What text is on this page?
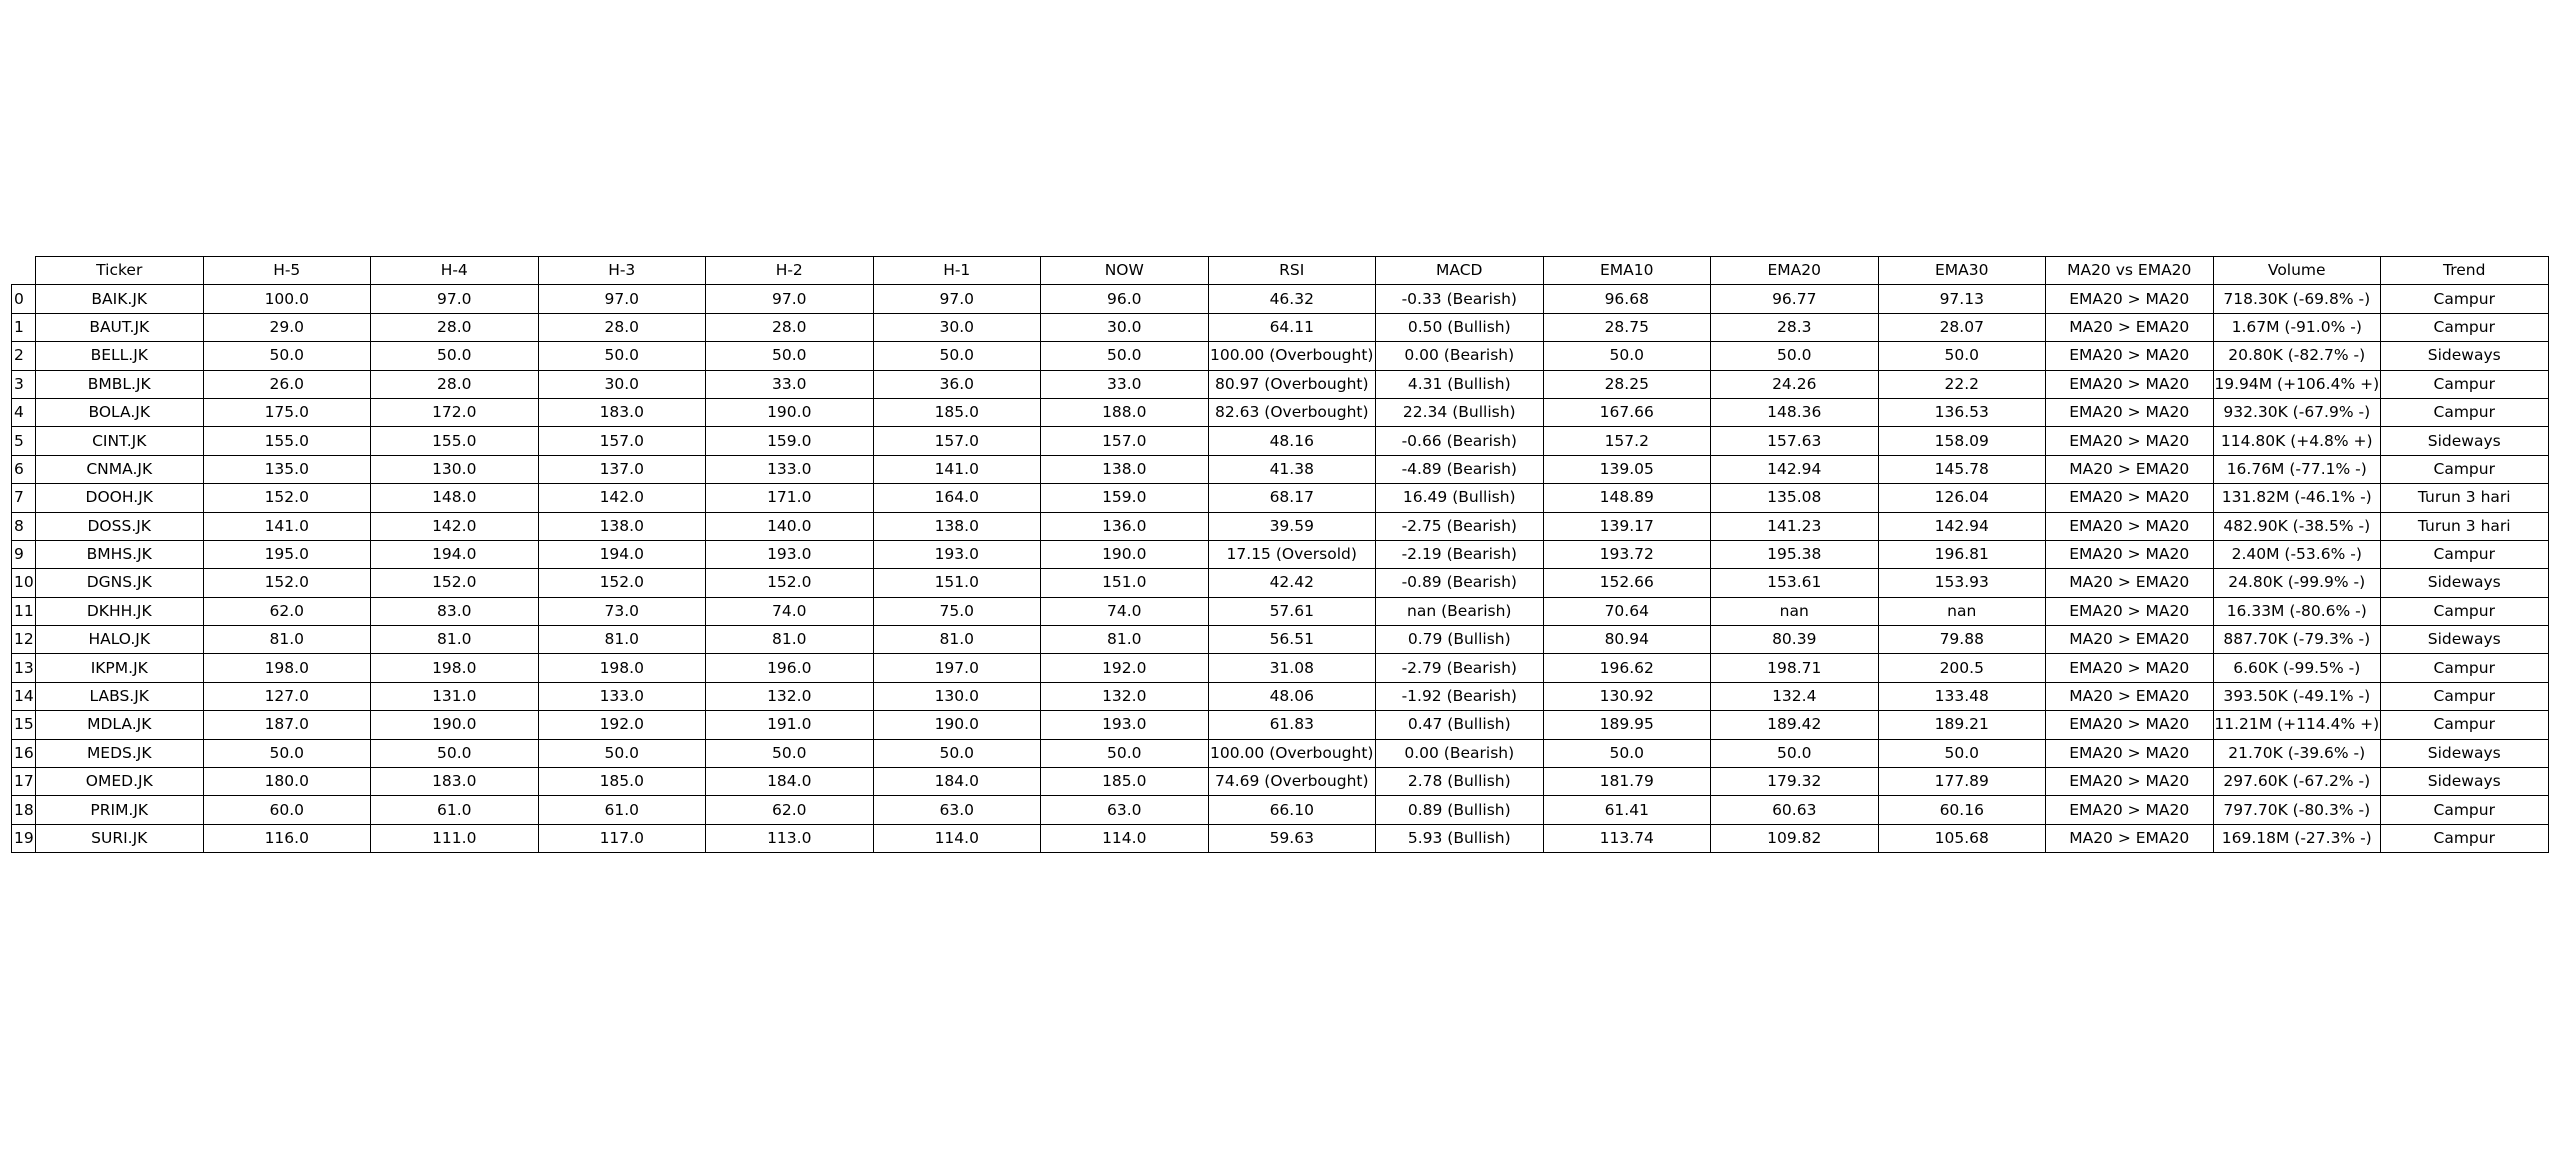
	Ticker	H-5	H-4	H-3	H-2	H-1	NOW	RSI	MACD	EMA10	EMA20	EMA30	MA20 vs EMA20	Volume	Trend
0	BAIK.JK	100.0	97.0	97.0	97.0	97.0	96.0	46.32	-0.33 (Bearish)	96.68	96.77	97.13	EMA20 > MA20	718.30K (-69.8% -)	Campur
1	BAUT.JK	29.0	28.0	28.0	28.0	30.0	30.0	64.11	0.50 (Bullish)	28.75	28.3	28.07	MA20 > EMA20	1.67M (-91.0% -)	Campur
2	BELL.JK	50.0	50.0	50.0	50.0	50.0	50.0	100.00 (Overbought)	0.00 (Bearish)	50.0	50.0	50.0	EMA20 > MA20	20.80K (-82.7% -)	Sideways
3	BMBL.JK	26.0	28.0	30.0	33.0	36.0	33.0	80.97 (Overbought)	4.31 (Bullish)	28.25	24.26	22.2	EMA20 > MA20	19.94M (+106.4% +)	Campur
4	BOLA.JK	175.0	172.0	183.0	190.0	185.0	188.0	82.63 (Overbought)	22.34 (Bullish)	167.66	148.36	136.53	EMA20 > MA20	932.30K (-67.9% -)	Campur
5	CINT.JK	155.0	155.0	157.0	159.0	157.0	157.0	48.16	-0.66 (Bearish)	157.2	157.63	158.09	EMA20 > MA20	114.80K (+4.8% +)	Sideways
6	CNMA.JK	135.0	130.0	137.0	133.0	141.0	138.0	41.38	-4.89 (Bearish)	139.05	142.94	145.78	MA20 > EMA20	16.76M (-77.1% -)	Campur
7	DOOH.JK	152.0	148.0	142.0	171.0	164.0	159.0	68.17	16.49 (Bullish)	148.89	135.08	126.04	EMA20 > MA20	131.82M (-46.1% -)	Turun 3 hari
8	DOSS.JK	141.0	142.0	138.0	140.0	138.0	136.0	39.59	-2.75 (Bearish)	139.17	141.23	142.94	EMA20 > MA20	482.90K (-38.5% -)	Turun 3 hari
9	BMHS.JK	195.0	194.0	194.0	193.0	193.0	190.0	17.15 (Oversold)	-2.19 (Bearish)	193.72	195.38	196.81	EMA20 > MA20	2.40M (-53.6% -)	Campur
10	DGNS.JK	152.0	152.0	152.0	152.0	151.0	151.0	42.42	-0.89 (Bearish)	152.66	153.61	153.93	MA20 > EMA20	24.80K (-99.9% -)	Sideways
11	DKHH.JK	62.0	83.0	73.0	74.0	75.0	74.0	57.61	nan (Bearish)	70.64	nan	nan	EMA20 > MA20	16.33M (-80.6% -)	Campur
12	HALO.JK	81.0	81.0	81.0	81.0	81.0	81.0	56.51	0.79 (Bullish)	80.94	80.39	79.88	MA20 > EMA20	887.70K (-79.3% -)	Sideways
13	IKPM.JK	198.0	198.0	198.0	196.0	197.0	192.0	31.08	-2.79 (Bearish)	196.62	198.71	200.5	EMA20 > MA20	6.60K (-99.5% -)	Campur
14	LABS.JK	127.0	131.0	133.0	132.0	130.0	132.0	48.06	-1.92 (Bearish)	130.92	132.4	133.48	MA20 > EMA20	393.50K (-49.1% -)	Campur
15	MDLA.JK	187.0	190.0	192.0	191.0	190.0	193.0	61.83	0.47 (Bullish)	189.95	189.42	189.21	EMA20 > MA20	11.21M (+114.4% +)	Campur
16	MEDS.JK	50.0	50.0	50.0	50.0	50.0	50.0	100.00 (Overbought)	0.00 (Bearish)	50.0	50.0	50.0	EMA20 > MA20	21.70K (-39.6% -)	Sideways
17	OMED.JK	180.0	183.0	185.0	184.0	184.0	185.0	74.69 (Overbought)	2.78 (Bullish)	181.79	179.32	177.89	EMA20 > MA20	297.60K (-67.2% -)	Sideways
18	PRIM.JK	60.0	61.0	61.0	62.0	63.0	63.0	66.10	0.89 (Bullish)	61.41	60.63	60.16	EMA20 > MA20	797.70K (-80.3% -)	Campur
19	SURI.JK	116.0	111.0	117.0	113.0	114.0	114.0	59.63	5.93 (Bullish)	113.74	109.82	105.68	MA20 > EMA20	169.18M (-27.3% -)	Campur
